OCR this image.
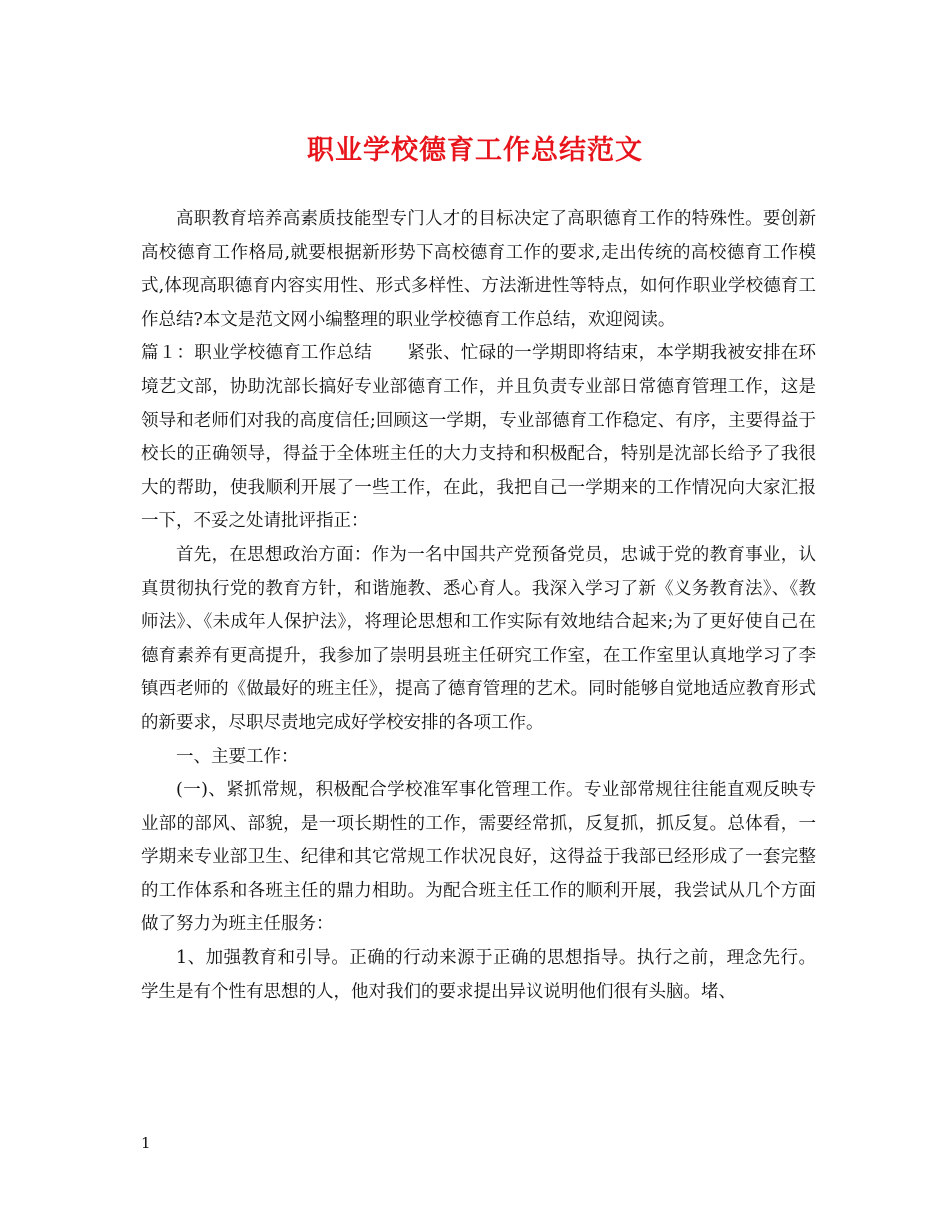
职业学校德育工作总结范文

高职教育培养高素质技能型专门人才的目标决定了高职德育工作的特殊性。要创新高校德育工作格局,就要根据新形势下高校德育工作的要求,走出传统的高校德育工作模式,体现高职德育内容实用性、形式多样性、方法渐进性等特点，如何作职业学校德育工作总结?本文是范文网小编整理的职业学校德育工作总结，欢迎阅读。

篇１：职业学校德育工作总结　　紧张、忙碌的一学期即将结束，本学期我被安排在环境艺文部，协助沈部长搞好专业部德育工作，并且负责专业部日常德育管理工作，这是领导和老师们对我的高度信任;回顾这一学期，专业部德育工作稳定、有序，主要得益于校长的正确领导，得益于全体班主任的大力支持和积极配合，特别是沈部长给予了我很大的帮助，使我顺利开展了一些工作，在此，我把自己一学期来的工作情况向大家汇报一下，不妥之处请批评指正：

首先，在思想政治方面：作为一名中国共产党预备党员，忠诚于党的教育事业，认真贯彻执行党的教育方针，和谐施教、悉心育人。我深入学习了新《义务教育法》、《教师法》、《未成年人保护法》，将理论思想和工作实际有效地结合起来;为了更好使自己在德育素养有更高提升，我参加了崇明县班主任研究工作室，在工作室里认真地学习了李镇西老师的《做最好的班主任》，提高了德育管理的艺术。同时能够自觉地适应教育形式的新要求，尽职尽责地完成好学校安排的各项工作。

一、主要工作：

(一)、紧抓常规，积极配合学校准军事化管理工作。专业部常规往往能直观反映专业部的部风、部貌，是一项长期性的工作，需要经常抓，反复抓，抓反复。总体看，一学期来专业部卫生、纪律和其它常规工作状况良好，这得益于我部已经形成了一套完整的工作体系和各班主任的鼎力相助。为配合班主任工作的顺利开展，我尝试从几个方面做了努力为班主任服务：

1、加强教育和引导。正确的行动来源于正确的思想指导。执行之前，理念先行。学生是有个性有思想的人，他对我们的要求提出异议说明他们很有头脑。堵、

1
